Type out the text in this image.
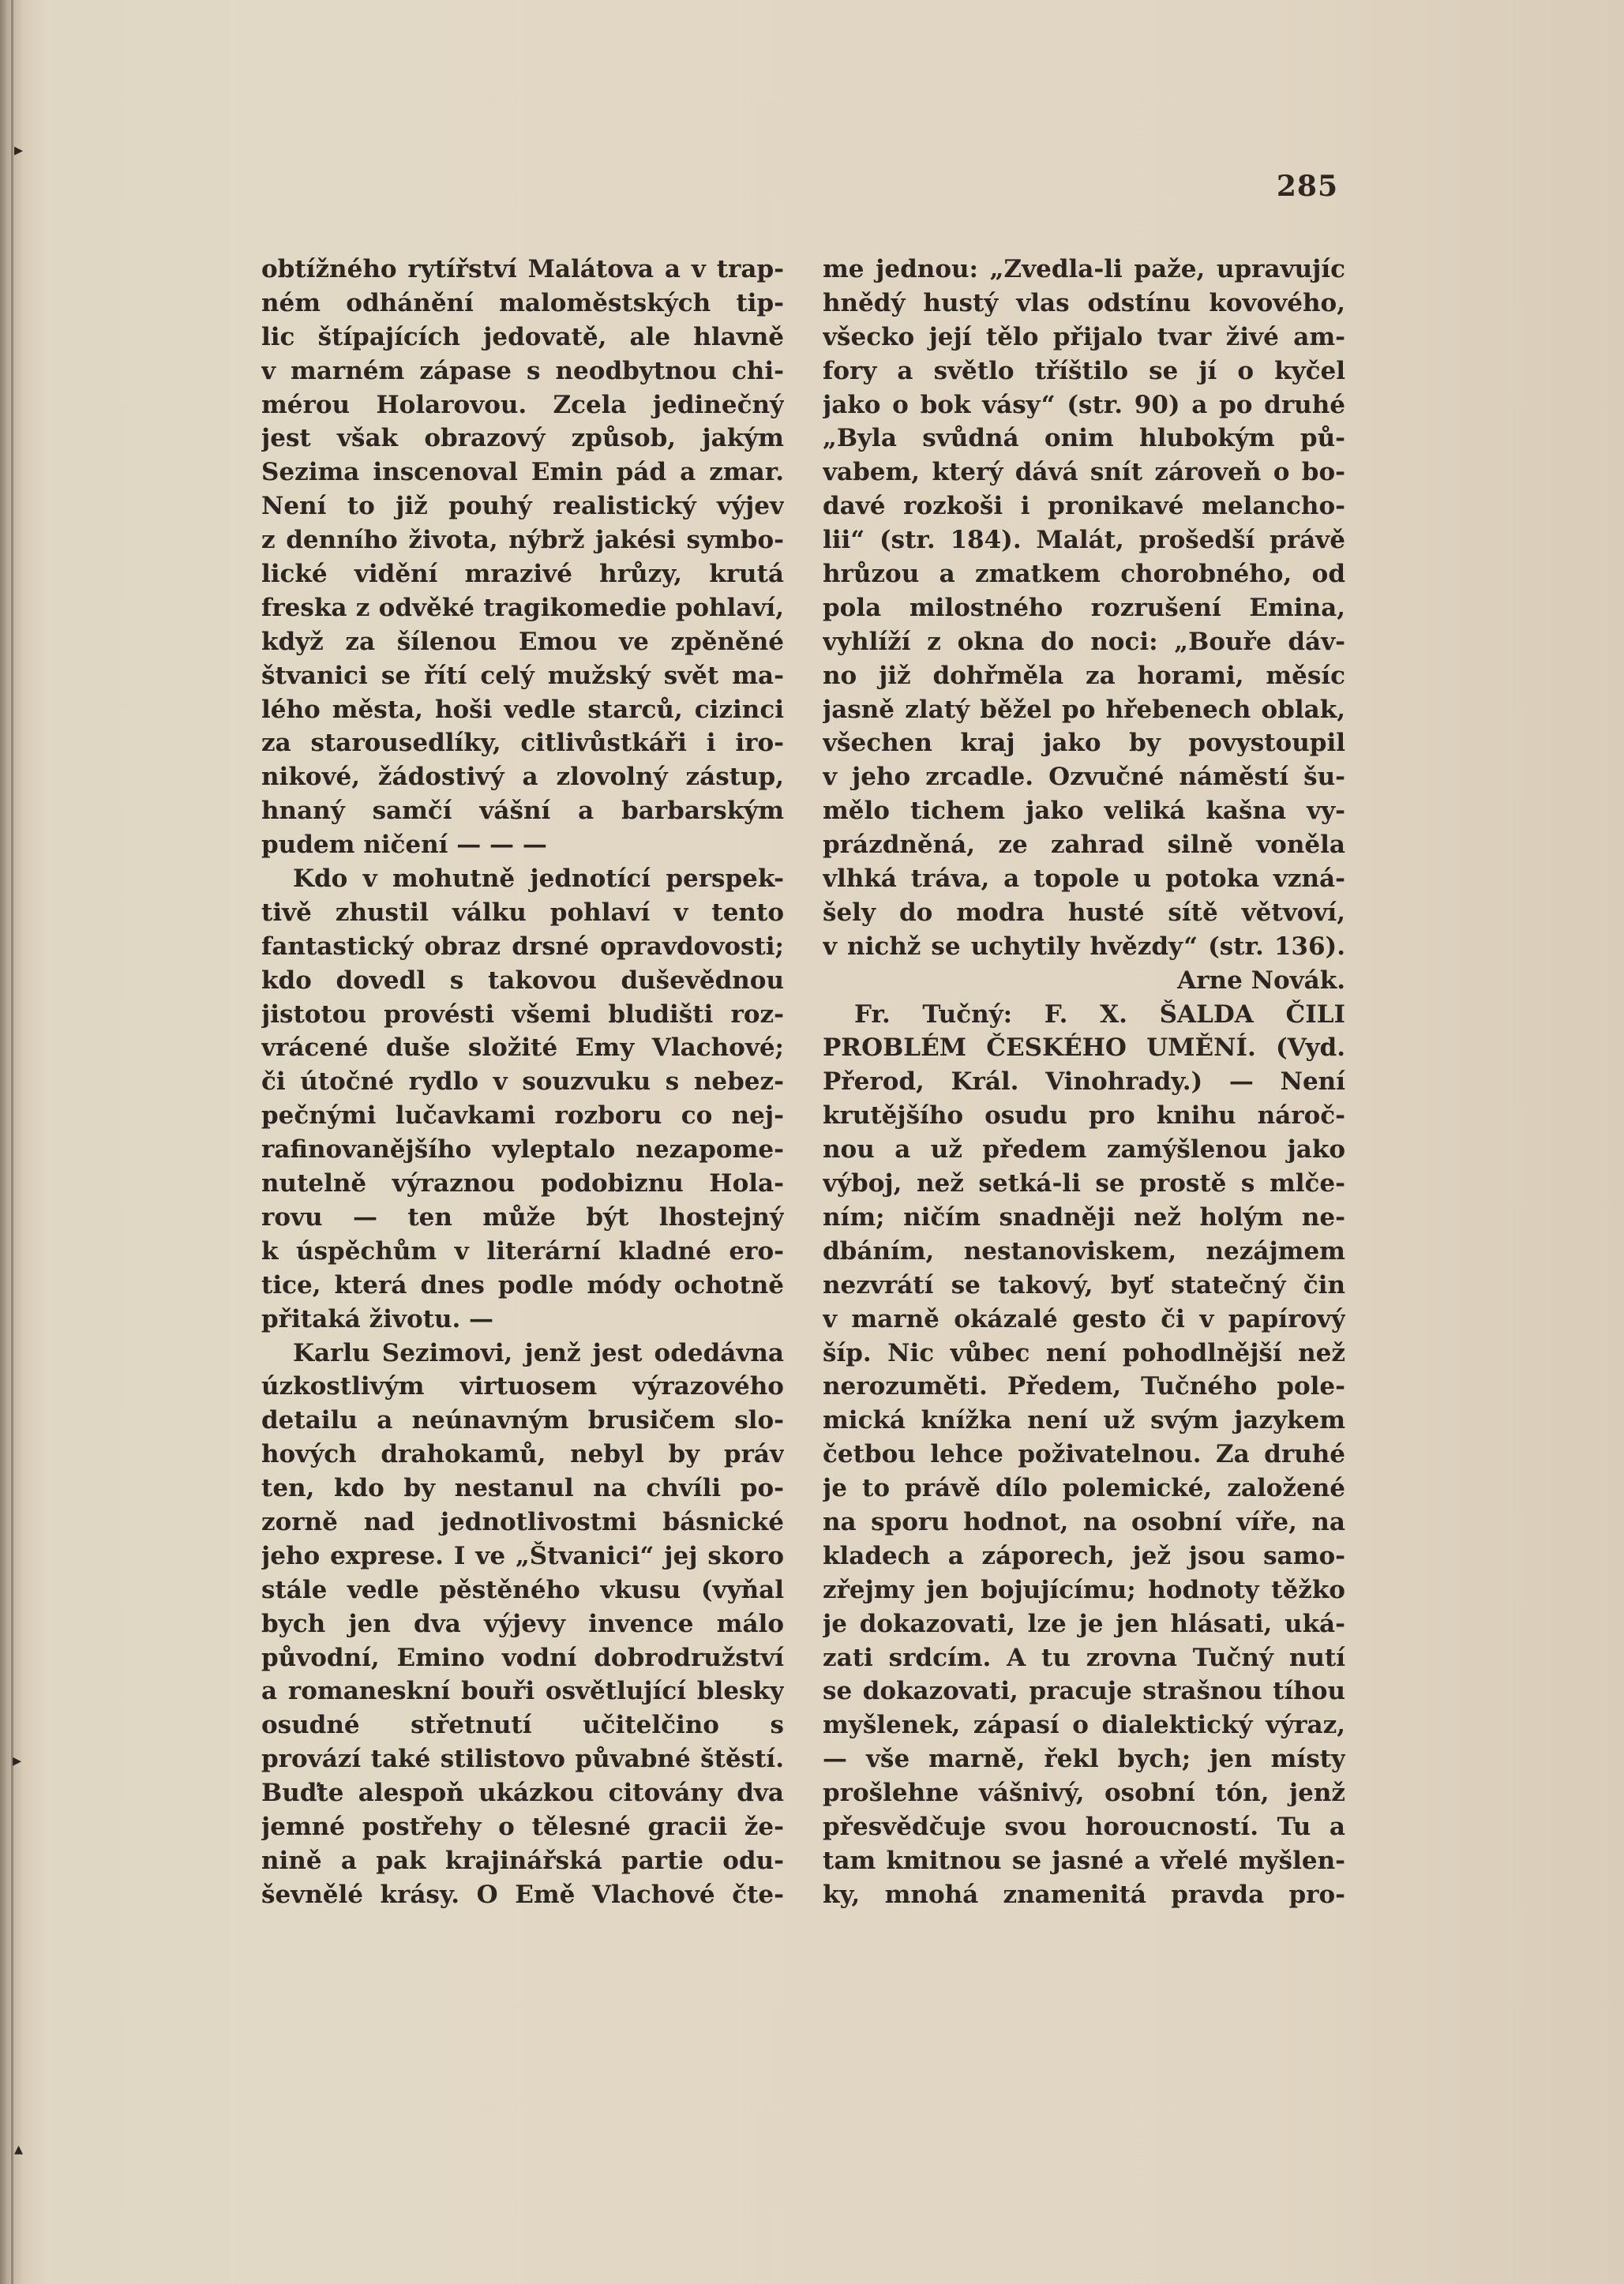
▸
▸
▴
285
obtížného rytířství Malátova a v trap-
ném odhánění maloměstských tip-
lic štípajících jedovatě, ale hlavně
v marném zápase s neodbytnou chi-
mérou Holarovou. Zcela jedinečný
jest však obrazový způsob, jakým
Sezima inscenoval Emin pád a zmar.
Není to již pouhý realistický výjev
z denního života, nýbrž jakési symbo-
lické vidění mrazivé hrůzy, krutá
freska z odvěké tragikomedie pohlaví,
když za šílenou Emou ve zpěněné
štvanici se řítí celý mužský svět ma-
lého města, hoši vedle starců, cizinci
za starousedlíky, citlivůstkáři i iro-
nikové, žádostivý a zlovolný zástup,
hnaný samčí vášní a barbarským
pudem ničení — — —
Kdo v mohutně jednotící perspek-
tivě zhustil válku pohlaví v tento
fantastický obraz drsné opravdovosti;
kdo dovedl s takovou duševědnou
jistotou provésti všemi bludišti roz-
vrácené duše složité Emy Vlachové;
či útočné rydlo v souzvuku s nebez-
pečnými lučavkami rozboru co nej-
rafinovanějšího vyleptalo nezapome-
nutelně výraznou podobiznu Hola-
rovu — ten může být lhostejný
k úspěchům v literární kladné ero-
tice, která dnes podle módy ochotně
přitaká životu. —
Karlu Sezimovi, jenž jest odedávna
úzkostlivým virtuosem výrazového
detailu a neúnavným brusičem slo-
hových drahokamů, nebyl by práv
ten, kdo by nestanul na chvíli po-
zorně nad jednotlivostmi básnické
jeho exprese. I ve „Štvanici“ jej skoro
stále vedle pěstěného vkusu (vyňal
bych jen dva výjevy invence málo
původní, Emino vodní dobrodružství
a romaneskní bouři osvětlující blesky
osudné střetnutí učitelčino s
provází také stilistovo půvabné štěstí.
Buďte alespoň ukázkou citovány dva
jemné postřehy o tělesné gracii že-
nině a pak krajinářská partie odu-
ševnělé krásy. O Emě Vlachové čte-
me jednou: „Zvedla-li paže, upravujíc
hnědý hustý vlas odstínu kovového,
všecko její tělo přijalo tvar živé am-
fory a světlo tříštilo se jí o kyčel
jako o bok vásy“ (str. 90) a po druhé
„Byla svůdná onim hlubokým pů-
vabem, který dává snít zároveň o bo-
davé rozkoši i pronikavé melancho-
lii“ (str. 184). Malát, prošedší právě
hrůzou a zmatkem chorobného, od
pola milostného rozrušení Emina,
vyhlíží z okna do noci: „Bouře dáv-
no již dohřměla za horami, měsíc
jasně zlatý běžel po hřebenech oblak,
všechen kraj jako by povystoupil
v jeho zrcadle. Ozvučné náměstí šu-
mělo tichem jako veliká kašna vy-
prázdněná, ze zahrad silně voněla
vlhká tráva, a topole u potoka vzná-
šely do modra husté sítě větvoví,
v nichž se uchytily hvězdy“ (str. 136).
Arne Novák.
Fr. Tučný: F. X. ŠALDA ČILI
PROBLÉM ČESKÉHO UMĚNÍ. (Vyd.
Přerod, Král. Vinohrady.) — Není
krutějšího osudu pro knihu nároč-
nou a už předem zamýšlenou jako
výboj, než setká-li se prostě s mlče-
ním; ničím snadněji než holým ne-
dbáním, nestanoviskem, nezájmem
nezvrátí se takový, byť statečný čin
v marně okázalé gesto či v papírový
šíp. Nic vůbec není pohodlnější než
nerozuměti. Předem, Tučného pole-
mická knížka není už svým jazykem
četbou lehce poživatelnou. Za druhé
je to právě dílo polemické, založené
na sporu hodnot, na osobní víře, na
kladech a záporech, jež jsou samo-
zřejmy jen bojujícímu; hodnoty těžko
je dokazovati, lze je jen hlásati, uká-
zati srdcím. A tu zrovna Tučný nutí
se dokazovati, pracuje strašnou tíhou
myšlenek, zápasí o dialektický výraz,
— vše marně, řekl bych; jen místy
prošlehne vášnivý, osobní tón, jenž
přesvědčuje svou horoucností. Tu a
tam kmitnou se jasné a vřelé myšlen-
ky, mnohá znamenitá pravda pro-
